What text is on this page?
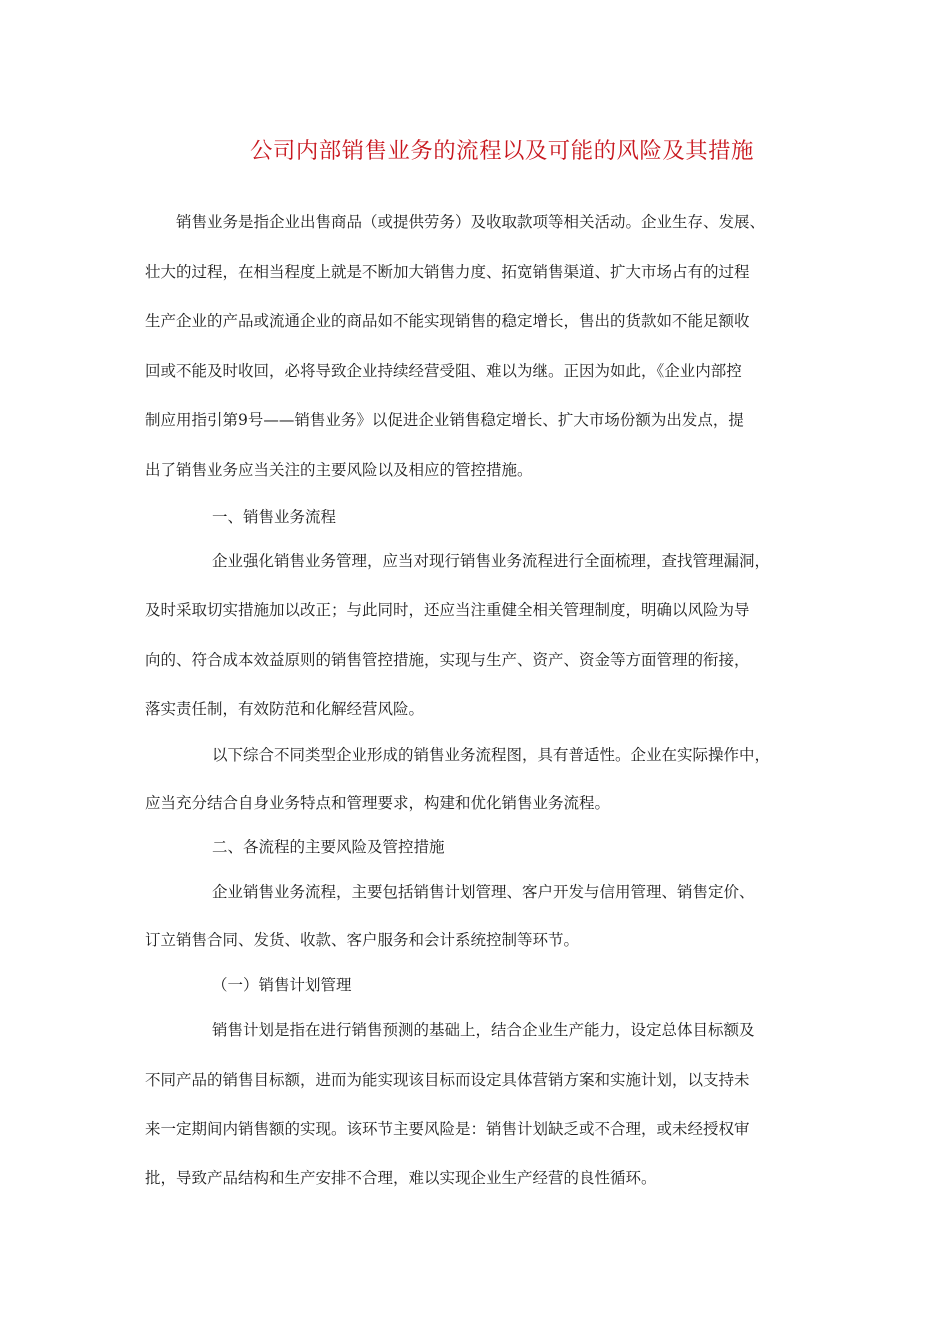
公司内部销售业务的流程以及可能的风险及其措施
销售业务是指企业出售商品（或提供劳务）及收取款项等相关活动。企业生存、发展、
壮大的过程，在相当程度上就是不断加大销售力度、拓宽销售渠道、扩大市场占有的过程
生产企业的产品或流通企业的商品如不能实现销售的稳定增长，售出的货款如不能足额收
回或不能及时收回，必将导致企业持续经营受阻、难以为继。正因为如此，《企业内部控
制应用指引第9号——销售业务》以促进企业销售稳定增长、扩大市场份额为出发点，提
出了销售业务应当关注的主要风险以及相应的管控措施。
一、销售业务流程
企业强化销售业务管理，应当对现行销售业务流程进行全面梳理，查找管理漏洞，
及时采取切实措施加以改正；与此同时，还应当注重健全相关管理制度，明确以风险为导
向的、符合成本效益原则的销售管控措施，实现与生产、资产、资金等方面管理的衔接，
落实责任制，有效防范和化解经营风险。
以下综合不同类型企业形成的销售业务流程图，具有普适性。企业在实际操作中，
应当充分结合自身业务特点和管理要求，构建和优化销售业务流程。
二、各流程的主要风险及管控措施
企业销售业务流程，主要包括销售计划管理、客户开发与信用管理、销售定价、
订立销售合同、发货、收款、客户服务和会计系统控制等环节。
（一）销售计划管理
销售计划是指在进行销售预测的基础上，结合企业生产能力，设定总体目标额及
不同产品的销售目标额，进而为能实现该目标而设定具体营销方案和实施计划，以支持未
来一定期间内销售额的实现。该环节主要风险是：销售计划缺乏或不合理，或未经授权审
批，导致产品结构和生产安排不合理，难以实现企业生产经营的良性循环。
